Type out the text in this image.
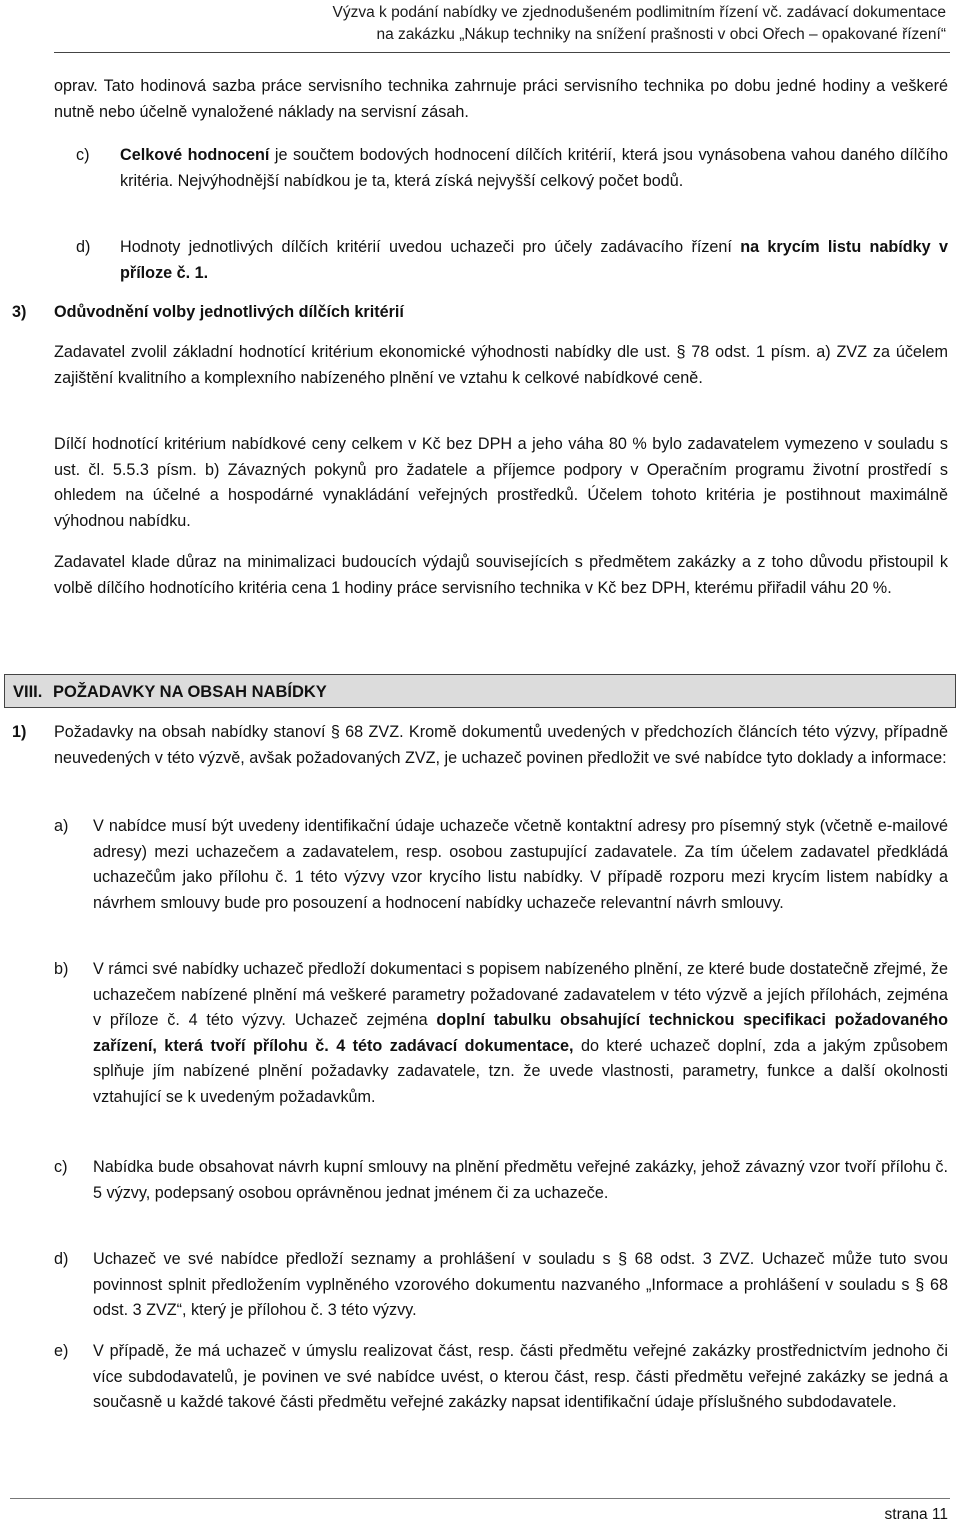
Výzva k podání nabídky ve zjednodušeném podlimitním řízení vč. zadávací dokumentace
na zakázku „Nákup techniky na snížení prašnosti v obci Ořech – opakované řízení“
oprav. Tato hodinová sazba práce servisního technika zahrnuje práci servisního technika po dobu jedné hodiny a veškeré nutně nebo účelně vynaložené náklady na servisní zásah.
c) Celkové hodnocení je součtem bodových hodnocení dílčích kritérií, která jsou vynásobena vahou daného dílčího kritéria. Nejvýhodnější nabídkou je ta, která získá nejvyšší celkový počet bodů.
d) Hodnoty jednotlivých dílčích kritérií uvedou uchazeči pro účely zadávacího řízení na krycím listu nabídky v příloze č. 1.
3) Odůvodnění volby jednotlivých dílčích kritérií
Zadavatel zvolil základní hodnotící kritérium ekonomické výhodnosti nabídky dle ust. § 78 odst. 1 písm. a) ZVZ za účelem zajištění kvalitního a komplexního nabízeného plnění ve vztahu k celkové nabídkové ceně.
Dílčí hodnotící kritérium nabídkové ceny celkem v Kč bez DPH a jeho váha 80 % bylo zadavatelem vymezeno v souladu s ust. čl. 5.5.3 písm. b) Závazných pokynů pro žadatele a příjemce podpory v Operačním programu životní prostředí s ohledem na účelné a hospodárné vynakládání veřejných prostředků. Účelem tohoto kritéria je postihnout maximálně výhodnou nabídku.
Zadavatel klade důraz na minimalizaci budoucích výdajů souvisejících s předmětem zakázky a z toho důvodu přistoupil k volbě dílčího hodnotícího kritéria cena 1 hodiny práce servisního technika v Kč bez DPH, kterému přiřadil váhu 20 %.
VIII. POŽADAVKY NA OBSAH NABÍDKY
1) Požadavky na obsah nabídky stanoví § 68 ZVZ. Kromě dokumentů uvedených v předchozích článcích této výzvy, případně neuvedených v této výzvě, avšak požadovaných ZVZ, je uchazeč povinen předložit ve své nabídce tyto doklady a informace:
a) V nabídce musí být uvedeny identifikační údaje uchazeče včetně kontaktní adresy pro písemný styk (včetně e-mailové adresy) mezi uchazečem a zadavatelem, resp. osobou zastupující zadavatele. Za tím účelem zadavatel předkládá uchazečům jako přílohu č. 1 této výzvy vzor krycího listu nabídky. V případě rozporu mezi krycím listem nabídky a návrhem smlouvy bude pro posouzení a hodnocení nabídky uchazeče relevantní návrh smlouvy.
b) V rámci své nabídky uchazeč předloží dokumentaci s popisem nabízeného plnění, ze které bude dostatečně zřejmé, že uchazečem nabízené plnění má veškeré parametry požadované zadavatelem v této výzvě a jejích přílohách, zejména v příloze č. 4 této výzvy. Uchazeč zejména doplní tabulku obsahující technickou specifikaci požadovaného zařízení, která tvoří přílohu č. 4 této zadávací dokumentace, do které uchazeč doplní, zda a jakým způsobem splňuje jím nabízené plnění požadavky zadavatele, tzn. že uvede vlastnosti, parametry, funkce a další okolnosti vztahující se k uvedeným požadavkům.
c) Nabídka bude obsahovat návrh kupní smlouvy na plnění předmětu veřejné zakázky, jehož závazný vzor tvoří přílohu č. 5 výzvy, podepsaný osobou oprávněnou jednat jménem či za uchazeče.
d) Uchazeč ve své nabídce předloží seznamy a prohlášení v souladu s § 68 odst. 3 ZVZ. Uchazeč může tuto svou povinnost splnit předložením vyplněného vzorového dokumentu nazvaného „Informace a prohlášení v souladu s § 68 odst. 3 ZVZ“, který je přílohou č. 3 této výzvy.
e) V případě, že má uchazeč v úmyslu realizovat část, resp. části předmětu veřejné zakázky prostřednictvím jednoho či více subdodavatelů, je povinen ve své nabídce uvést, o kterou část, resp. části předmětu veřejné zakázky se jedná a současně u každé takové části předmětu veřejné zakázky napsat identifikační údaje příslušného subdodavatele.
strana 11
